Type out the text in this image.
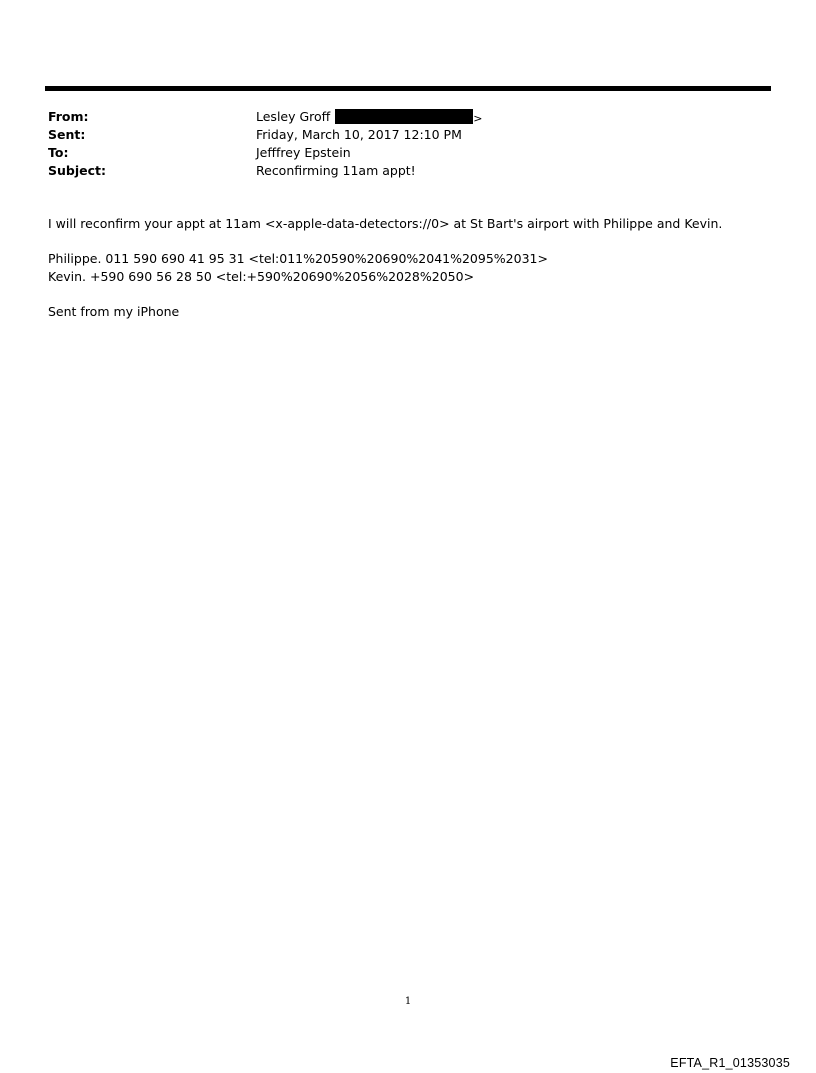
From:	Lesley Groff	>
Sent:	Friday, March 10, 2017 12:10 PM
To:	Jefffrey Epstein
Subject:	Reconfirming 11am appt!

I will reconfirm your appt at 11am <x-apple-data-detectors://0> at St Bart's airport with Philippe and Kevin.

Philippe. 011 590 690 41 95 31 <tel:011%20590%20690%2041%2095%2031>
Kevin. +590 690 56 28 50 <tel:+590%20690%2056%2028%2050>

Sent from my iPhone

1
EFTA_R1_01353035
